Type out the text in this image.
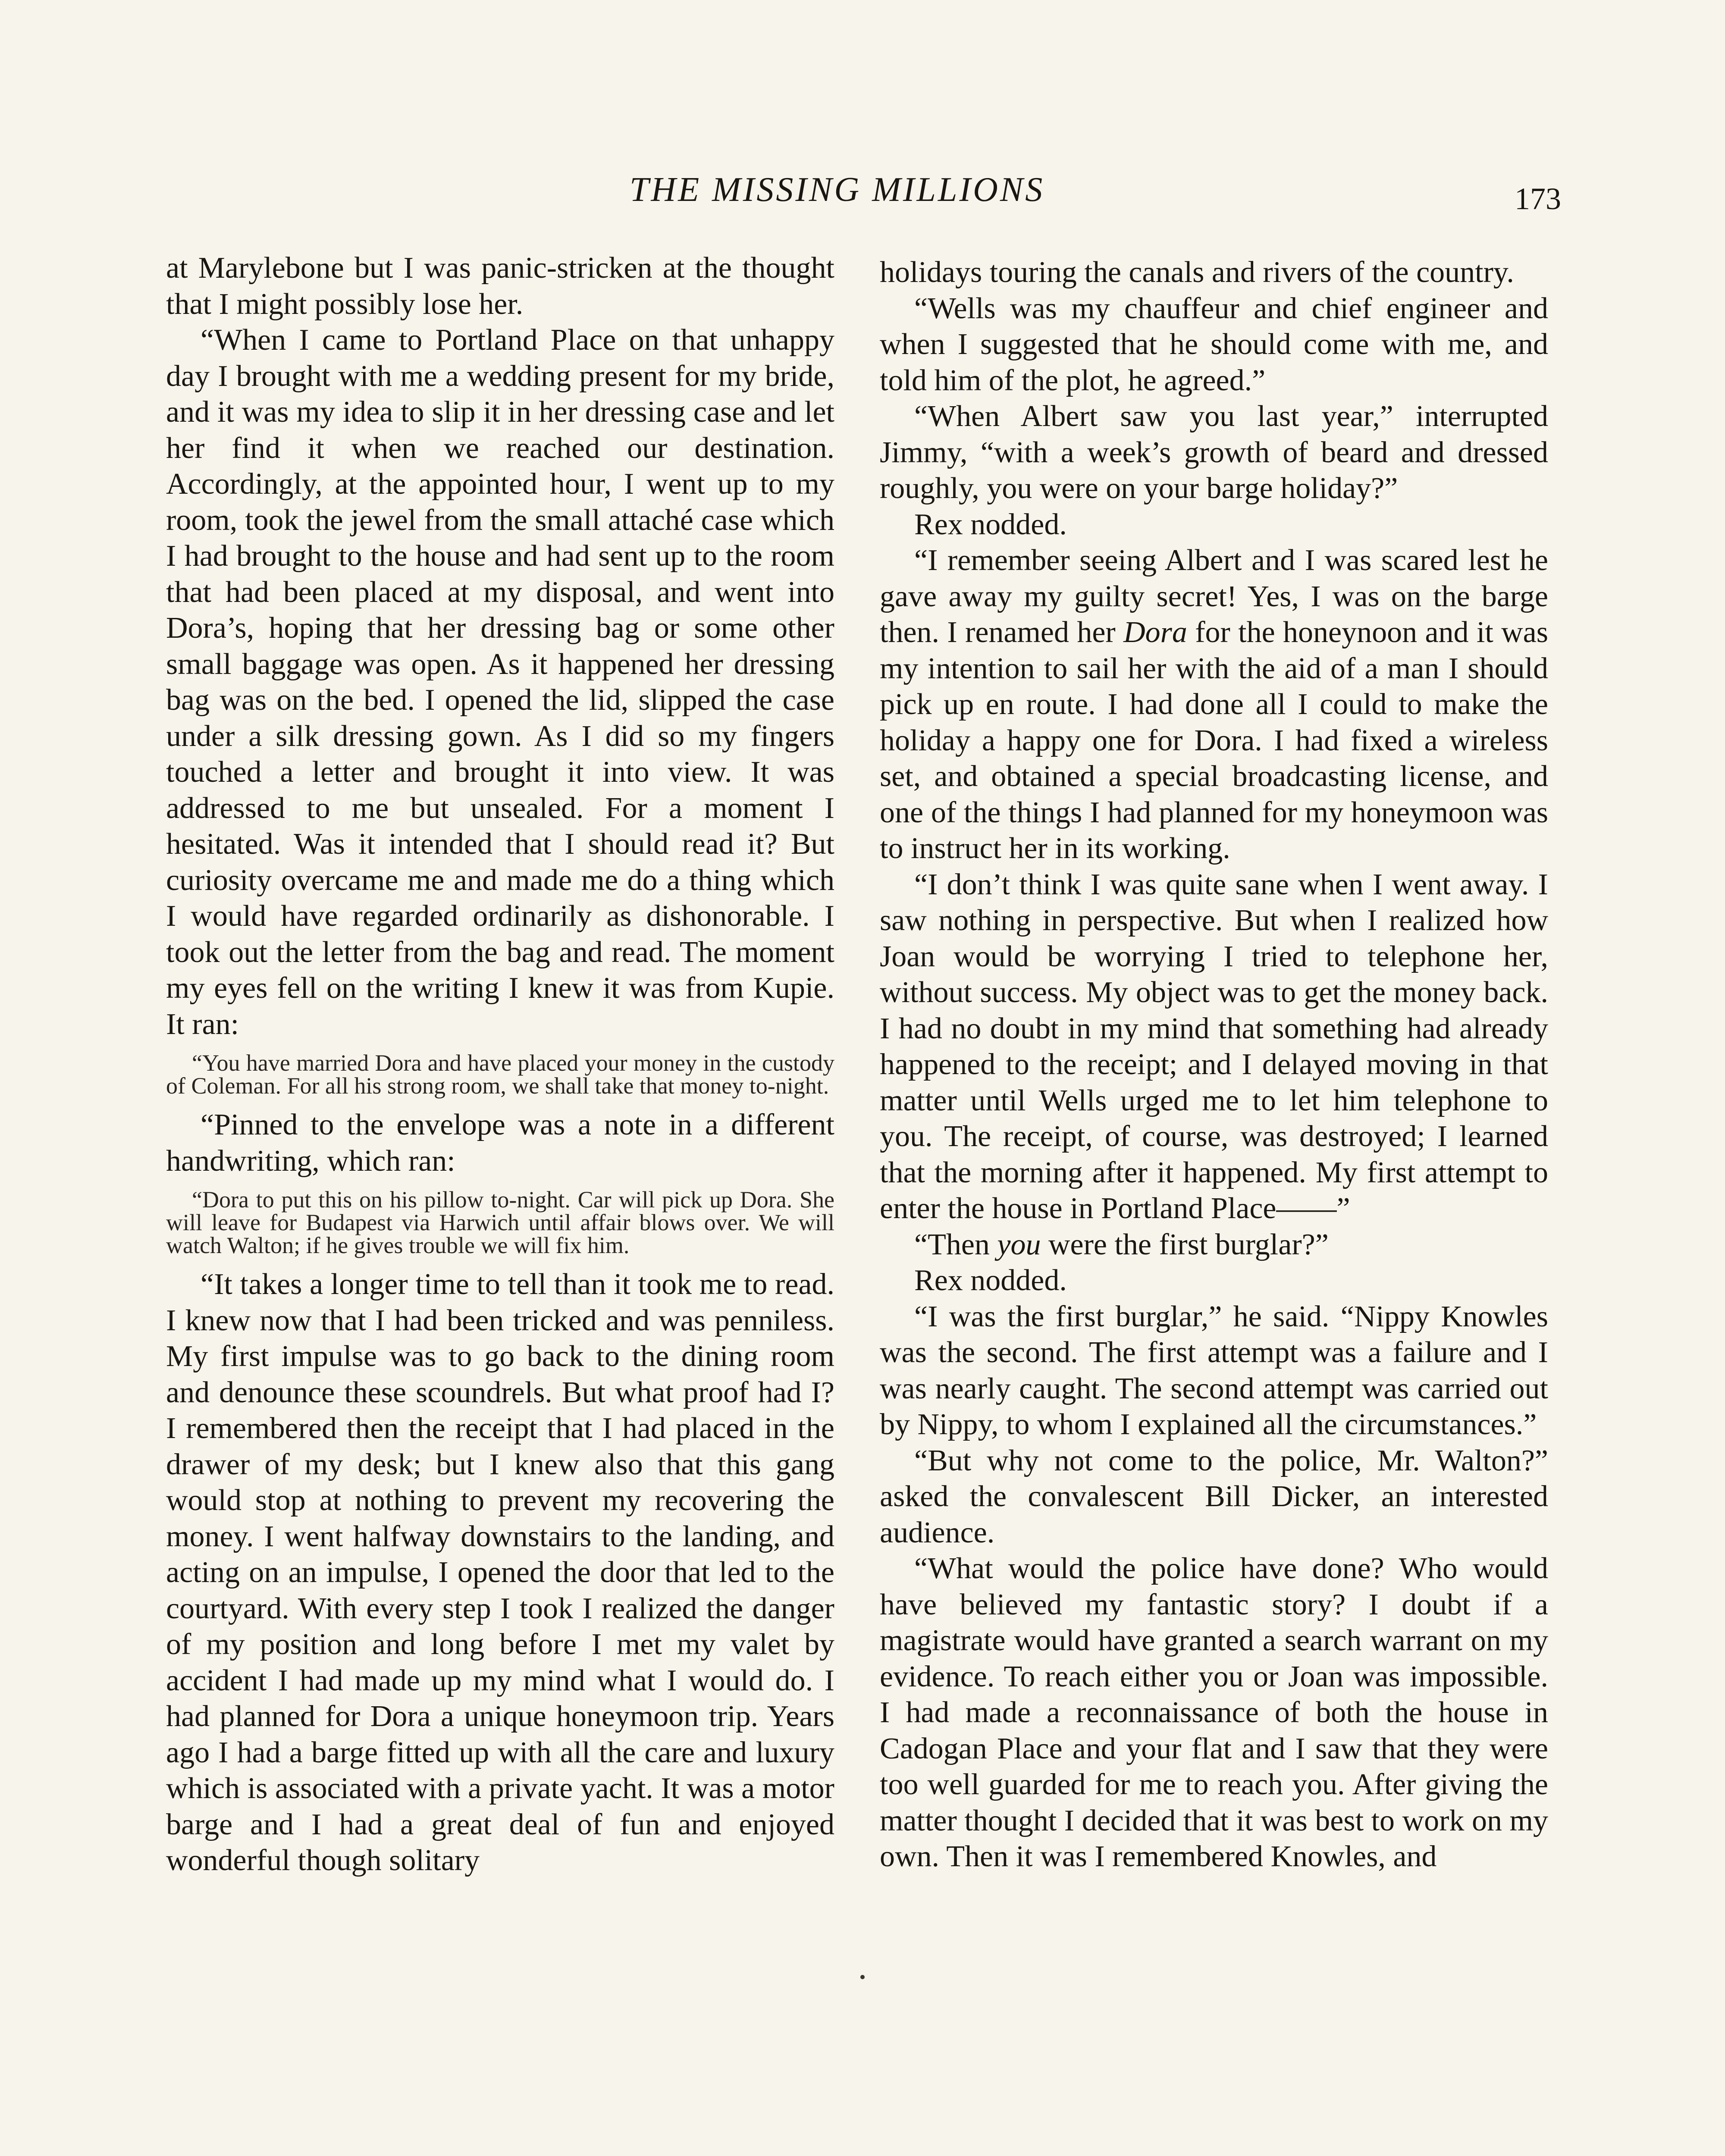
THE MISSING MILLIONS	173

at Marylebone but I was panic-stricken at the thought that I might possibly lose her.

“When I came to Portland Place on that unhappy day I brought with me a wedding present for my bride, and it was my idea to slip it in her dressing case and let her find it when we reached our destination. Accordingly, at the appointed hour, I went up to my room, took the jewel from the small attaché case which I had brought to the house and had sent up to the room that had been placed at my disposal, and went into Dora’s, hoping that her dressing bag or some other small baggage was open. As it happened her dressing bag was on the bed. I opened the lid, slipped the case under a silk dressing gown. As I did so my fingers touched a letter and brought it into view. It was addressed to me but unsealed. For a moment I hesitated. Was it intended that I should read it? But curiosity overcame me and made me do a thing which I would have regarded ordinarily as dishonorable. I took out the letter from the bag and read. The moment my eyes fell on the writing I knew it was from Kupie. It ran:

“You have married Dora and have placed your money in the custody of Coleman. For all his strong room, we shall take that money to-night.

“Pinned to the envelope was a note in a different handwriting, which ran:

“Dora to put this on his pillow to-night. Car will pick up Dora. She will leave for Budapest via Harwich until affair blows over. We will watch Walton; if he gives trouble we will fix him.

“It takes a longer time to tell than it took me to read. I knew now that I had been tricked and was penniless. My first impulse was to go back to the dining room and denounce these scoundrels. But what proof had I? I remembered then the receipt that I had placed in the drawer of my desk; but I knew also that this gang would stop at nothing to prevent my recovering the money. I went halfway downstairs to the landing, and acting on an impulse, I opened the door that led to the courtyard. With every step I took I realized the danger of my position and long before I met my valet by accident I had made up my mind what I would do. I had planned for Dora a unique honeymoon trip. Years ago I had a barge fitted up with all the care and luxury which is associated with a private yacht. It was a motor barge and I had a great deal of fun and enjoyed wonderful though solitary

holidays touring the canals and rivers of the country.

“Wells was my chauffeur and chief engineer and when I suggested that he should come with me, and told him of the plot, he agreed.”

“When Albert saw you last year,” interrupted Jimmy, “with a week’s growth of beard and dressed roughly, you were on your barge holiday?”

Rex nodded.

“I remember seeing Albert and I was scared lest he gave away my guilty secret! Yes, I was on the barge then. I renamed her Dora for the honeynoon and it was my intention to sail her with the aid of a man I should pick up en route. I had done all I could to make the holiday a happy one for Dora. I had fixed a wireless set, and obtained a special broadcasting license, and one of the things I had planned for my honeymoon was to instruct her in its working.

“I don’t think I was quite sane when I went away. I saw nothing in perspective. But when I realized how Joan would be worrying I tried to telephone her, without success. My object was to get the money back. I had no doubt in my mind that something had already happened to the receipt; and I delayed moving in that matter until Wells urged me to let him telephone to you. The receipt, of course, was destroyed; I learned that the morning after it happened. My first attempt to enter the house in Portland Place——”

“Then you were the first burglar?”

Rex nodded.

“I was the first burglar,” he said. “Nippy Knowles was the second. The first attempt was a failure and I was nearly caught. The second attempt was carried out by Nippy, to whom I explained all the circumstances.”

“But why not come to the police, Mr. Walton?” asked the convalescent Bill Dicker, an interested audience.

“What would the police have done? Who would have believed my fantastic story? I doubt if a magistrate would have granted a search warrant on my evidence. To reach either you or Joan was impossible. I had made a reconnaissance of both the house in Cadogan Place and your flat and I saw that they were too well guarded for me to reach you. After giving the matter thought I decided that it was best to work on my own. Then it was I remembered Knowles, and
